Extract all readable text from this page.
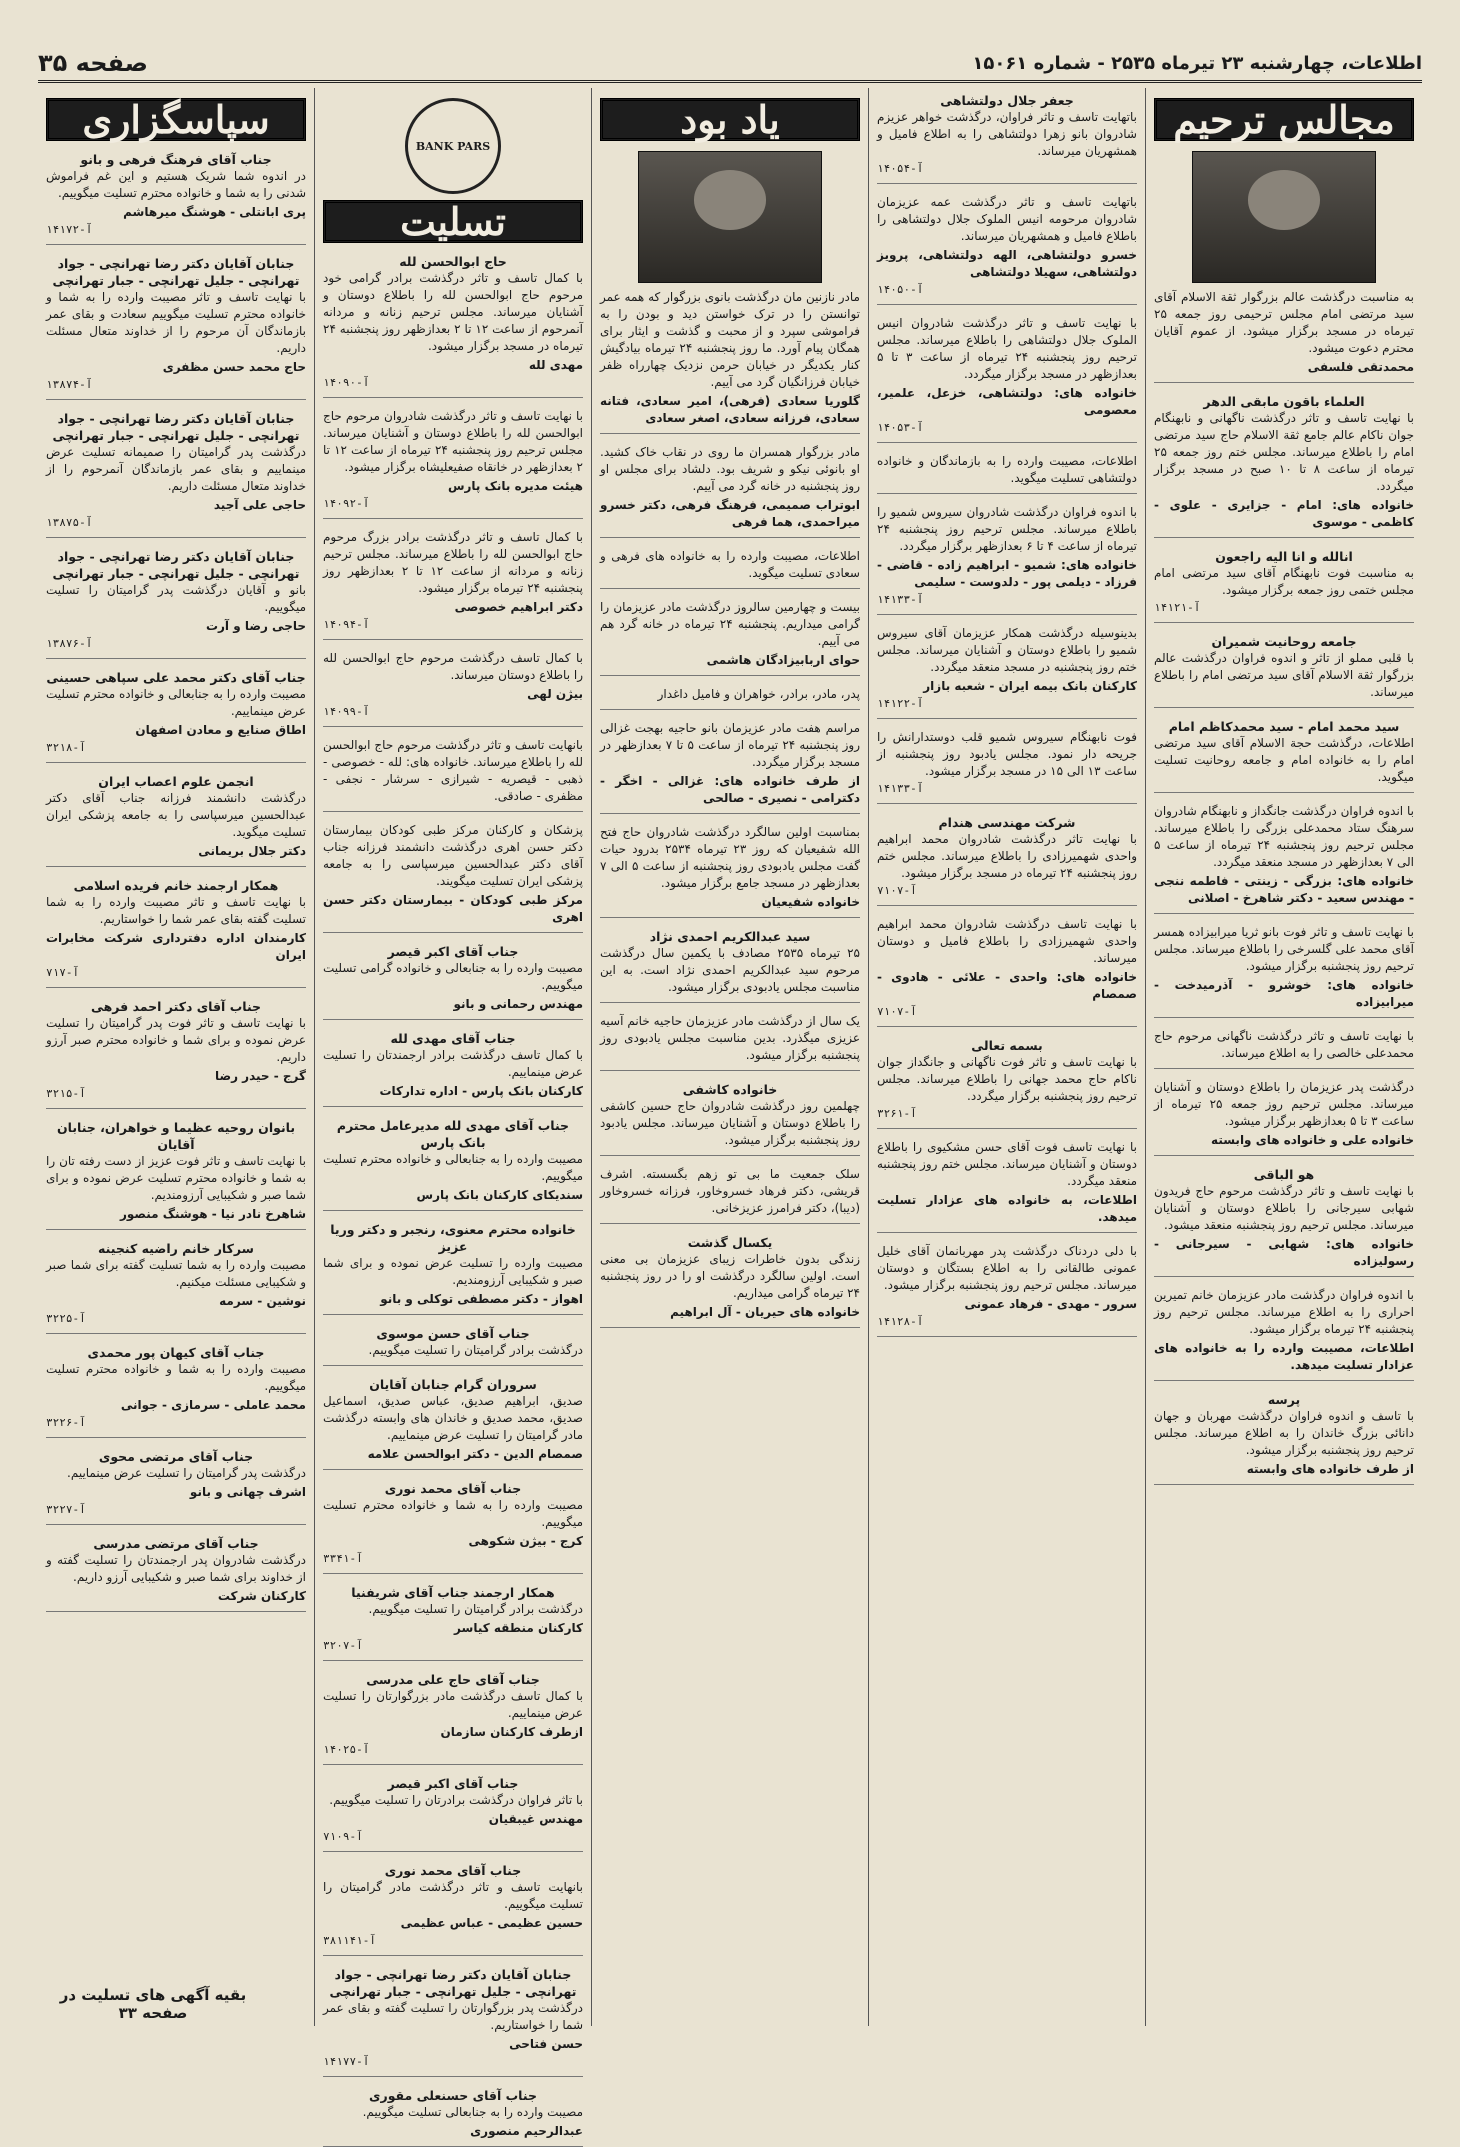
اطلاعات، چهارشنبه ۲۳ تیرماه ۲۵۳۵ - شماره ۱۵۰۶۱
صفحه ۳۵
مجالس ترحیم
به مناسبت درگذشت عالم بزرگوار ثقة الاسلام آقای سید مرتضی امام مجلس ترحیمی روز جمعه ۲۵ تیرماه در مسجد برگزار میشود. از عموم آقایان محترم دعوت میشود.
محمدتقی فلسفی
العلماء باقون مابقی الدهر
با نهایت تاسف و تاثر درگذشت ناگهانی و نابهنگام جوان ناکام عالم جامع ثقة الاسلام حاج سید مرتضی امام را باطلاع میرساند. مجلس ختم روز جمعه ۲۵ تیرماه از ساعت ۸ تا ۱۰ صبح در مسجد برگزار میگردد.
خانواده های: امام - جزایری - علوی - کاظمی - موسوی
انالله و انا الیه راجعون
به مناسبت فوت نابهنگام آقای سید مرتضی امام مجلس ختمی روز جمعه برگزار میشود.
آ-۱۴۱۲۱
جامعه روحانیت شمیران
با قلبی مملو از تاثر و اندوه فراوان درگذشت عالم بزرگوار ثقة الاسلام آقای سید مرتضی امام را باطلاع میرساند.
سید محمد امام - سید محمدکاظم امام
اطلاعات، درگذشت حجة الاسلام آقای سید مرتضی امام را به خانواده امام و جامعه روحانیت تسلیت میگوید.
با اندوه فراوان درگذشت جانگداز و نابهنگام شادروان سرهنگ ستاد محمدعلی بزرگی را باطلاع میرساند. مجلس ترحیم روز پنجشنبه ۲۴ تیرماه از ساعت ۵ الی ۷ بعدازظهر در مسجد منعقد میگردد.
خانواده های: بزرگی - زینتی - فاطمه ننجی - مهندس سعید - دکتر شاهرخ - اصلانی
با نهایت تاسف و تاثر فوت بانو ثریا میرابیزاده همسر آقای محمد علی گلسرخی را باطلاع میرساند. مجلس ترحیم روز پنجشنبه برگزار میشود.
خانواده های: خوشرو - آذرمیدخت - میرابیزاده
با نهایت تاسف و تاثر درگذشت ناگهانی مرحوم حاج محمدعلی خالصی را به اطلاع میرساند.
درگذشت پدر عزیزمان را باطلاع دوستان و آشنایان میرساند. مجلس ترحیم روز جمعه ۲۵ تیرماه از ساعت ۳ تا ۵ بعدازظهر برگزار میشود.
خانواده علی و خانواده های وابسته
هو الباقی
با نهایت تاسف و تاثر درگذشت مرحوم حاج فریدون شهابی سیرجانی را باطلاع دوستان و آشنایان میرساند. مجلس ترحیم روز پنجشنبه منعقد میشود.
خانواده های: شهابی - سیرجانی - رسولیزاده
با اندوه فراوان درگذشت مادر عزیزمان خانم تمیرین احراری را به اطلاع میرساند. مجلس ترحیم روز پنجشنبه ۲۴ تیرماه برگزار میشود.
اطلاعات، مصیبت وارده را به خانواده های عزادار تسلیت میدهد.
پرسه
با تاسف و اندوه فراوان درگذشت مهربان و جهان دانائی بزرگ خاندان را به اطلاع میرساند. مجلس ترحیم روز پنجشنبه برگزار میشود.
از طرف خانواده های وابسته
جعفر جلال دولتشاهی
باتهایت تاسف و تاثر فراوان، درگذشت خواهر عزیزم شادروان بانو زهرا دولتشاهی را به اطلاع فامیل و همشهریان میرساند.
آ-۱۴۰۵۴
باتهایت تاسف و تاثر درگذشت عمه عزیزمان شادروان مرحومه انیس الملوک جلال دولتشاهی را باطلاع فامیل و همشهریان میرساند.
خسرو دولتشاهی، الهه دولتشاهی، پرویز دولتشاهی، سهیلا دولتشاهی
آ-۱۴۰۵۰
با نهایت تاسف و تاثر درگذشت شادروان انیس الملوک جلال دولتشاهی را باطلاع میرساند. مجلس ترحیم روز پنجشنبه ۲۴ تیرماه از ساعت ۳ تا ۵ بعدازظهر در مسجد برگزار میگردد.
خانواده های: دولتشاهی، خزعل، علمیر، معصومی
آ-۱۴۰۵۳
اطلاعات، مصیبت وارده را به بازماندگان و خانواده دولتشاهی تسلیت میگوید.
با اندوه فراوان درگذشت شادروان سیروس شمیو را باطلاع میرساند. مجلس ترحیم روز پنجشنبه ۲۴ تیرماه از ساعت ۴ تا ۶ بعدازظهر برگزار میگردد.
خانواده های: شمیو - ابراهیم زاده - قاضی - فرزاد - دیلمی پور - دلدوست - سلیمی
آ-۱۴۱۳۳
بدینوسیله درگذشت همکار عزیزمان آقای سیروس شمیو را باطلاع دوستان و آشنایان میرساند. مجلس ختم روز پنجشنبه در مسجد منعقد میگردد.
کارکنان بانک بیمه ایران - شعبه بازار
آ-۱۴۱۲۲
فوت نابهنگام سیروس شمیو قلب دوستدارانش را جریحه دار نمود. مجلس یادبود روز پنجشنبه از ساعت ۱۳ الی ۱۵ در مسجد برگزار میشود.
آ-۱۴۱۳۳
شرکت مهندسی هندام
با نهایت تاثر درگذشت شادروان محمد ابراهیم واحدی شهمیرزادی را باطلاع میرساند. مجلس ختم روز پنجشنبه ۲۴ تیرماه در مسجد برگزار میشود.
آ-۷۱۰۷
با نهایت تاسف درگذشت شادروان محمد ابراهیم واحدی شهمیرزادی را باطلاع فامیل و دوستان میرساند.
خانواده های: واحدی - علائی - هادوی - صمصام
آ-۷۱۰۷
بسمه تعالی
با نهایت تاسف و تاثر فوت ناگهانی و جانگداز جوان ناکام حاج محمد جهانی را باطلاع میرساند. مجلس ترحیم روز پنجشنبه برگزار میگردد.
آ-۳۲۶۱
با نهایت تاسف فوت آقای حسن مشکیوی را باطلاع دوستان و آشنایان میرساند. مجلس ختم روز پنجشنبه منعقد میگردد.
اطلاعات، به خانواده های عزادار تسلیت میدهد.
با دلی دردناک درگذشت پدر مهربانمان آقای خلیل عمونی طالقانی را به اطلاع بستگان و دوستان میرساند. مجلس ترحیم روز پنجشنبه برگزار میشود.
سرور - مهدی - فرهاد عمونی
آ-۱۴۱۲۸
یاد بود
مادر نازنین مان درگذشت بانوی بزرگوار که همه عمر توانستن را در ترک خواستن دید و بودن را به فراموشی سپرد و از محبت و گذشت و ایثار برای همگان پیام آورد. ما روز پنجشنبه ۲۴ تیرماه بیادگیش کنار یکدیگر در خیابان حرمن نزدیک چهارراه ظفر خیابان فرزانگیان گرد می آییم.
گلوریا سعادی (فرهی)، امیر سعادی، فتانه سعادی، فرزانه سعادی، اصغر سعادی
مادر بزرگوار همسران ما روی در نقاب خاک کشید. او بانوئی نیکو و شریف بود. دلشاد برای مجلس او روز پنجشنبه در خانه گرد می آییم.
ابوتراب صمیمی، فرهنگ فرهی، دکتر خسرو میراحمدی، هما فرهی
اطلاعات، مصیبت وارده را به خانواده های فرهی و سعادی تسلیت میگوید.
بیست و چهارمین سالروز درگذشت مادر عزیزمان را گرامی میداریم. پنجشنبه ۲۴ تیرماه در خانه گرد هم می آییم.
حوای اربابیزادگان هاشمی
پدر، مادر، برادر، خواهران و فامیل داغدار
مراسم هفت مادر عزیزمان بانو حاجیه بهجت غزالی روز پنجشنبه ۲۴ تیرماه از ساعت ۵ تا ۷ بعدازظهر در مسجد برگزار میگردد.
از طرف خانواده های: غزالی - اخگر - دکترامی - نصیری - صالحی
بمناسبت اولین سالگرد درگذشت شادروان حاج فتح الله شفیعیان که روز ۲۳ تیرماه ۲۵۳۴ بدرود حیات گفت مجلس یادبودی روز پنجشنبه از ساعت ۵ الی ۷ بعدازظهر در مسجد جامع برگزار میشود.
خانواده شفیعیان
سید عبدالکریم احمدی نژاد
۲۵ تیرماه ۲۵۳۵ مصادف با یکمین سال درگذشت مرحوم سید عبدالکریم احمدی نژاد است. به این مناسبت مجلس یادبودی برگزار میشود.
یک سال از درگذشت مادر عزیزمان حاجیه خانم آسیه عزیزی میگذرد. بدین مناسبت مجلس یادبودی روز پنجشنبه برگزار میشود.
خانواده کاشفی
چهلمین روز درگذشت شادروان حاج حسین کاشفی را باطلاع دوستان و آشنایان میرساند. مجلس یادبود روز پنجشنبه برگزار میشود.
سلک جمعیت ما بی تو زهم بگسسته. اشرف قریشی، دکتر فرهاد خسروخاور، فرزانه خسروخاور (دیبا)، دکتر فرامرز عزیزخانی.
یکسال گذشت
زندگی بدون خاطرات زیبای عزیزمان بی معنی است. اولین سالگرد درگذشت او را در روز پنجشنبه ۲۴ تیرماه گرامی میداریم.
خانواده های حیریان - آل ابراهیم
BANK PARS
تسلیت
حاج ابوالحسن لله
با کمال تاسف و تاثر درگذشت برادر گرامی خود مرحوم حاج ابوالحسن لله را باطلاع دوستان و آشنایان میرساند. مجلس ترحیم زنانه و مردانه آنمرحوم از ساعت ۱۲ تا ۲ بعدازظهر روز پنجشنبه ۲۴ تیرماه در مسجد برگزار میشود.
مهدی لله
آ-۱۴۰۹۰
با نهایت تاسف و تاثر درگذشت شادروان مرحوم حاج ابوالحسن لله را باطلاع دوستان و آشنایان میرساند. مجلس ترحیم روز پنجشنبه ۲۴ تیرماه از ساعت ۱۲ تا ۲ بعدازظهر در خانقاه صفیعلیشاه برگزار میشود.
هیئت مدیره بانک پارس
آ-۱۴۰۹۲
با کمال تاسف و تاثر درگذشت برادر بزرگ مرحوم حاج ابوالحسن لله را باطلاع میرساند. مجلس ترحیم زنانه و مردانه از ساعت ۱۲ تا ۲ بعدازظهر روز پنجشنبه ۲۴ تیرماه برگزار میشود.
دکتر ابراهیم خصوصی
آ-۱۴۰۹۴
با کمال تاسف درگذشت مرحوم حاج ابوالحسن لله را باطلاع دوستان میرساند.
بیژن لهی
آ-۱۴۰۹۹
بانهایت تاسف و تاثر درگذشت مرحوم حاج ابوالحسن لله را باطلاع میرساند. خانواده های: لله - خصوصی - ذهبی - قیصریه - شیرازی - سرشار - نجفی - مظفری - صادقی.
پزشکان و کارکنان مرکز طبی کودکان بیمارستان دکتر حسن اهری درگذشت دانشمند فرزانه جناب آقای دکتر عبدالحسین میرسپاسی را به جامعه پزشکی ایران تسلیت میگویند.
مرکز طبی کودکان - بیمارستان دکتر حسن اهری
جناب آقای اکبر قیصر
مصیبت وارده را به جنابعالی و خانواده گرامی تسلیت میگوییم.
مهندس رحمانی و بانو
جناب آقای مهدی لله
با کمال تاسف درگذشت برادر ارجمندتان را تسلیت عرض مینماییم.
کارکنان بانک پارس - اداره تدارکات
جناب آقای مهدی لله مدیرعامل محترم بانک پارس
مصیبت وارده را به جنابعالی و خانواده محترم تسلیت میگوییم.
سندیکای کارکنان بانک پارس
خانواده محترم معنوی، رنجبر و دکتر وریا عزیز
مصیبت وارده را تسلیت عرض نموده و برای شما صبر و شکیبایی آرزومندیم.
اهواز - دکتر مصطفی توکلی و بانو
جناب آقای حسن موسوی
درگذشت برادر گرامیتان را تسلیت میگوییم.
سروران گرام جنابان آقایان
صدیق، ابراهیم صدیق، عباس صدیق، اسماعیل صدیق، محمد صدیق و خاندان های وابسته درگذشت مادر گرامیتان را تسلیت عرض مینماییم.
صمصام الدین - دکتر ابوالحسن علامه
جناب آقای محمد نوری
مصیبت وارده را به شما و خانواده محترم تسلیت میگوییم.
کرج - بیژن شکوهی
آ-۳۳۴۱
همکار ارجمند جناب آقای شریفنیا
درگذشت برادر گرامیتان را تسلیت میگوییم.
کارکنان منطقه کیاسر
آ-۳۲۰۷
جناب آقای حاج علی مدرسی
با کمال تاسف درگذشت مادر بزرگوارتان را تسلیت عرض مینماییم.
ازطرف کارکنان سازمان
آ-۱۴۰۲۵
جناب آقای اکبر قیصر
با تاثر فراوان درگذشت برادرتان را تسلیت میگوییم.
مهندس غیبقیان
آ-۷۱۰۹
جناب آقای محمد نوری
بانهایت تاسف و تاثر درگذشت مادر گرامیتان را تسلیت میگوییم.
حسین عظیمی - عباس عظیمی
آ-۳۸۱۱۴۱
جنابان آقایان دکتر رضا تهرانچی - جواد تهرانچی - جلیل تهرانچی - جبار تهرانچی
درگذشت پدر بزرگوارتان را تسلیت گفته و بقای عمر شما را خواستاریم.
حسن فتاحی
آ-۱۴۱۷۷
جناب آقای حسنعلی مقوری
مصیبت وارده را به جنابعالی تسلیت میگوییم.
عبدالرحیم منصوری
سپاسگزاری
جناب آقای فرهنگ فرهی و بانو
در اندوه شما شریک هستیم و این غم فراموش شدنی را به شما و خانواده محترم تسلیت میگوییم.
پری ابانتلی - هوشنگ میرهاشم
آ-۱۴۱۷۲
جنابان آقایان دکتر رضا تهرانچی - جواد تهرانچی - جلیل تهرانچی - جبار تهرانچی
با نهایت تاسف و تاثر مصیبت وارده را به شما و خانواده محترم تسلیت میگوییم سعادت و بقای عمر بازماندگان آن مرحوم را از خداوند متعال مسئلت داریم.
حاج محمد حسن مظفری
آ-۱۳۸۷۴
جنابان آقایان دکتر رضا تهرانچی - جواد تهرانچی - جلیل تهرانچی - جبار تهرانچی
درگذشت پدر گرامیتان را صمیمانه تسلیت عرض مینماییم و بقای عمر بازماندگان آنمرحوم را از خداوند متعال مسئلت داریم.
حاجی علی آجید
آ-۱۳۸۷۵
جنابان آقایان دکتر رضا تهرانچی - جواد تهرانچی - جلیل تهرانچی - جبار تهرانچی
بانو و آقایان درگذشت پدر گرامیتان را تسلیت میگوییم.
حاجی رضا و آرت
آ-۱۳۸۷۶
جناب آقای دکتر محمد علی سپاهی حسینی
مصیبت وارده را به جنابعالی و خانواده محترم تسلیت عرض مینماییم.
اطاق صنایع و معادن اصفهان
آ-۳۲۱۸
انجمن علوم اعصاب ایران
درگذشت دانشمند فرزانه جناب آقای دکتر عبدالحسین میرسپاسی را به جامعه پزشکی ایران تسلیت میگوید.
دکتر جلال بریمانی
همکار ارجمند خانم فریده اسلامی
با نهایت تاسف و تاثر مصیبت وارده را به شما تسلیت گفته بقای عمر شما را خواستاریم.
کارمندان اداره دفترداری شرکت مخابرات ایران
آ-۷۱۷
جناب آقای دکتر احمد فرهی
با نهایت تاسف و تاثر فوت پدر گرامیتان را تسلیت عرض نموده و برای شما و خانواده محترم صبر آرزو داریم.
گرج - حیدر رضا
آ-۳۲۱۵
بانوان روحیه عظیما و خواهران، جنابان آقایان
با نهایت تاسف و تاثر فوت عزیز از دست رفته تان را به شما و خانواده محترم تسلیت عرض نموده و برای شما صبر و شکیبایی آرزومندیم.
شاهرخ نادر نیا - هوشنگ منصور
سرکار خانم راضیه کنجینه
مصیبت وارده را به شما تسلیت گفته برای شما صبر و شکیبایی مسئلت میکنیم.
نوشین - سرمه
آ-۳۲۲۵
جناب آقای کیهان پور محمدی
مصیبت وارده را به شما و خانواده محترم تسلیت میگوییم.
محمد عاملی - سرمازی - جوانی
آ-۳۲۲۶
جناب آقای مرتضی محوی
درگذشت پدر گرامیتان را تسلیت عرض مینماییم.
اشرف چهانی و بانو
آ-۳۲۲۷
جناب آقای مرتضی مدرسی
درگذشت شادروان پدر ارجمندتان را تسلیت گفته و از خداوند برای شما صبر و شکیبایی آرزو داریم.
کارکنان شرکت
بقیه آگهی های تسلیت در صفحه ۳۳
